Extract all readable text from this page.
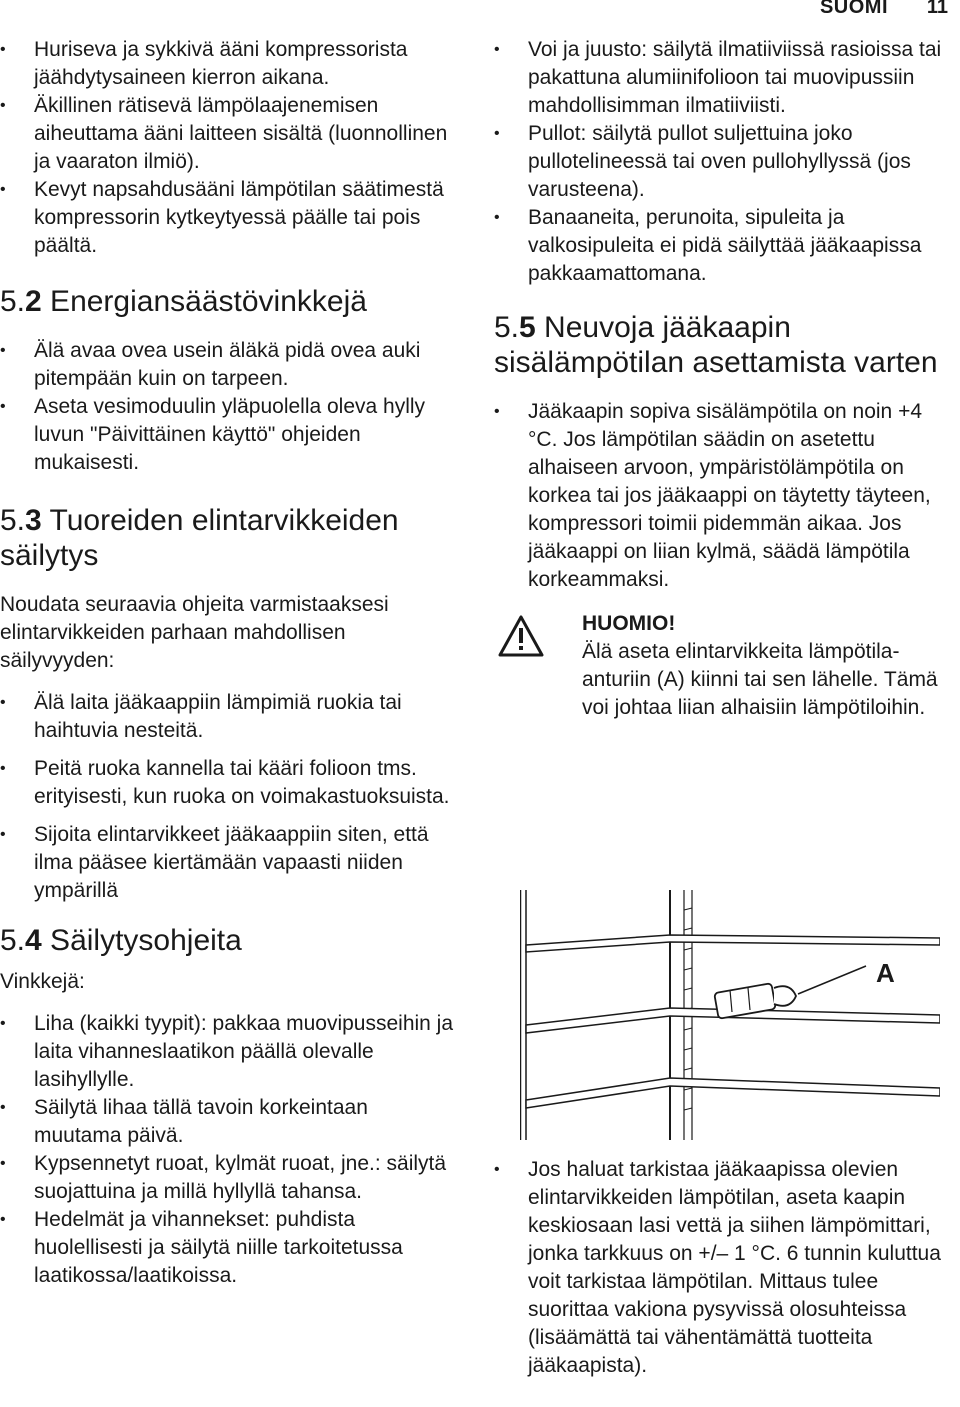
SUOMI 11
• Huriseva ja sykkivä ääni kompressorista jäähdytysaineen kierron aikana.
• Äkillinen rätisevä lämpölaajenemisen aiheuttama ääni laitteen sisältä (luonnollinen ja vaaraton ilmiö).
• Kevyt napsahdusääni lämpötilan säätimestä kompressorin kytkeytyessä päälle tai pois päältä.
5.2 Energiansäästövinkkejä
• Älä avaa ovea usein äläkä pidä ovea auki pitempään kuin on tarpeen.
• Aseta vesimoduulin yläpuolella oleva hylly luvun "Päivittäinen käyttö" ohjeiden mukaisesti.
5.3 Tuoreiden elintarvikkeiden säilytys

Noudata seuraavia ohjeita varmistaaksesi elintarvikkeiden parhaan mahdollisen säilyvyyden:

• Älä laita jääkaappiin lämpimiä ruokia tai haihtuvia nesteitä.
• Peitä ruoka kannella tai kääri folioon tms. erityisesti, kun ruoka on voimakastuoksuista.
• Sijoita elintarvikkeet jääkaappiin siten, että ilma pääsee kiertämään vapaasti niiden ympärillä
5.4 Säilytysohjeita

Vinkkejä:

• Liha (kaikki tyypit): pakkaa muovipusseihin ja laita vihanneslaatikon päällä olevalle lasihyllylle.
• Säilytä lihaa tällä tavoin korkeintaan muutama päivä.
• Kypsennetyt ruoat, kylmät ruoat, jne.: säilytä suojattuina ja millä hyllyllä tahansa.
• Hedelmät ja vihannekset: puhdista huolellisesti ja säilytä niille tarkoitetussa laatikossa/laatikoissa.
• Voi ja juusto: säilytä ilmatiiviissä rasioissa tai pakattuna alumiinifolioon tai muovipussiin mahdollisimman ilmatiiviisti.
• Pullot: säilytä pullot suljettuina joko pullotelineessä tai oven pullohyllyssä (jos varusteena).
• Banaaneita, perunoita, sipuleita ja valkosipuleita ei pidä säilyttää jääkaapissa pakkaamattomana.
5.5 Neuvoja jääkaapin sisälämpötilan asettamista varten
• Jääkaapin sopiva sisälämpötila on noin +4 °C. Jos lämpötilan säädin on asetettu alhaiseen arvoon, ympäristölämpötila on korkea tai jos jääkaappi on täytetty täyteen, kompressori toimii pidemmän aikaa. Jos jääkaappi on liian kylmä, säädä lämpötila korkeammaksi.
HUOMIO!
Älä aseta elintarvikkeita lämpötila-anturiin (A) kiinni tai sen lähelle. Tämä voi johtaa liian alhaisiin lämpötiloihin.
A
• Jos haluat tarkistaa jääkaapissa olevien elintarvikkeiden lämpötilan, aseta kaapin keskiosaan lasi vettä ja siihen lämpömittari, jonka tarkkuus on +/– 1 °C. 6 tunnin kuluttua voit tarkistaa lämpötilan. Mittaus tulee suorittaa vakiona pysyvissä olosuhteissa (lisäämättä tai vähentämättä tuotteita jääkaapista).
